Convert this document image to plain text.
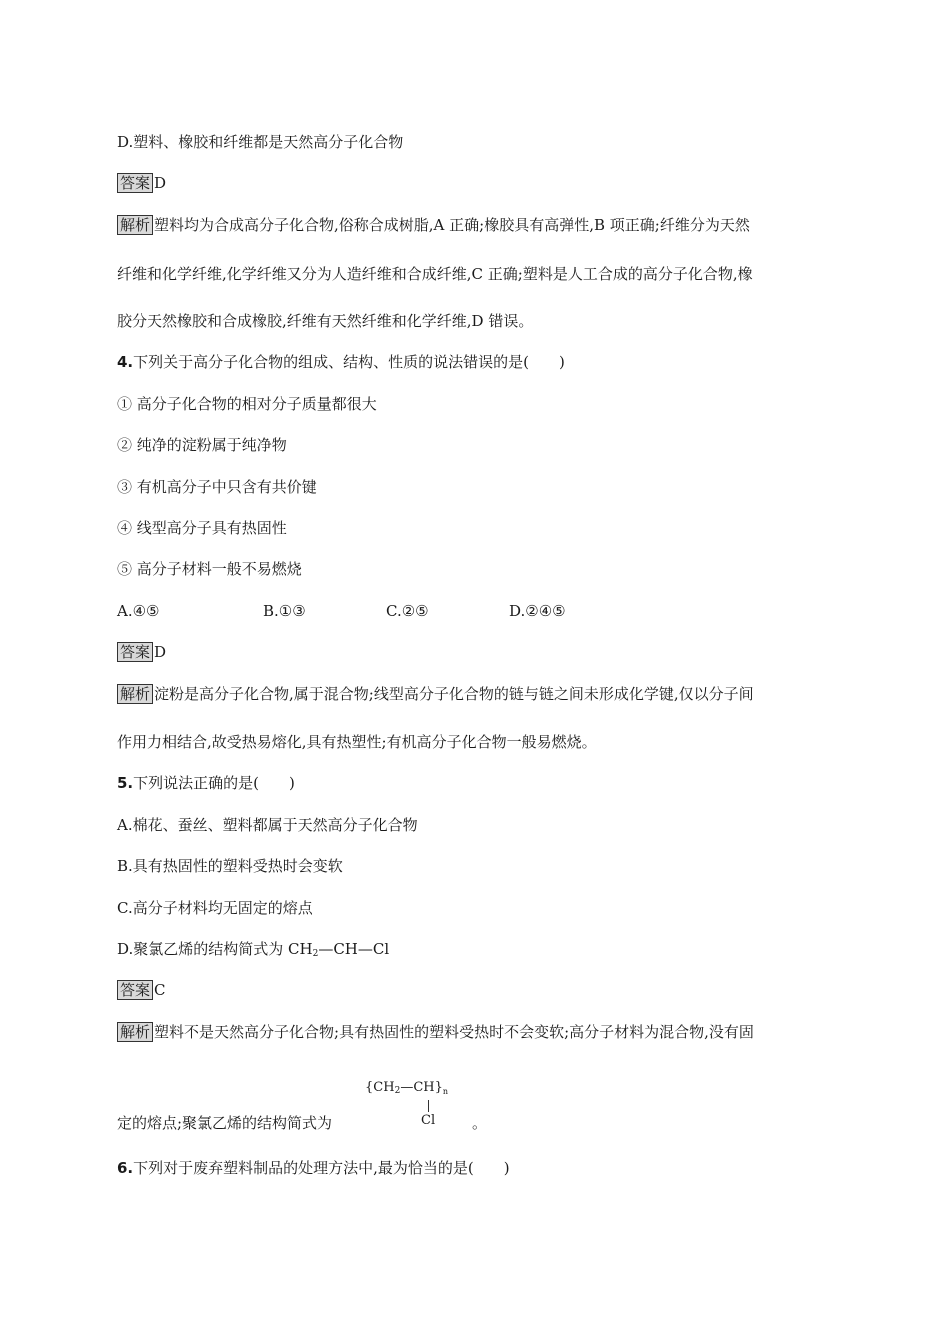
D.塑料、橡胶和纤维都是天然高分子化合物
答案 D
解析 塑料均为合成高分子化合物,俗称合成树脂,A 正确;橡胶具有高弹性,B 项正确;纤维分为天然
纤维和化学纤维,化学纤维又分为人造纤维和合成纤维,C 正确;塑料是人工合成的高分子化合物,橡
胶分天然橡胶和合成橡胶,纤维有天然纤维和化学纤维,D 错误。
4.下列关于高分子化合物的组成、结构、性质的说法错误的是(　　)
① 高分子化合物的相对分子质量都很大
② 纯净的淀粉属于纯净物
③ 有机高分子中只含有共价键
④ 线型高分子具有热固性
⑤ 高分子材料一般不易燃烧
A.④⑤	B.①③	C.②⑤	D.②④⑤
答案 D
解析 淀粉是高分子化合物,属于混合物;线型高分子化合物的链与链之间未形成化学键,仅以分子间
作用力相结合,故受热易熔化,具有热塑性;有机高分子化合物一般易燃烧。
5.下列说法正确的是(　　)
A.棉花、蚕丝、塑料都属于天然高分子化合物
B.具有热固性的塑料受热时会变软
C.高分子材料均无固定的熔点
D.聚氯乙烯的结构简式为 $CH_2—CH—Cl$
答案 C
解析 塑料不是天然高分子化合物;具有热固性的塑料受热时不会变软;高分子材料为混合物,没有固
定的熔点;聚氯乙烯的结构简式为	。
$\{CH_2—CH\}_n$
Cl
6.下列对于废弃塑料制品的处理方法中,最为恰当的是(　　)
